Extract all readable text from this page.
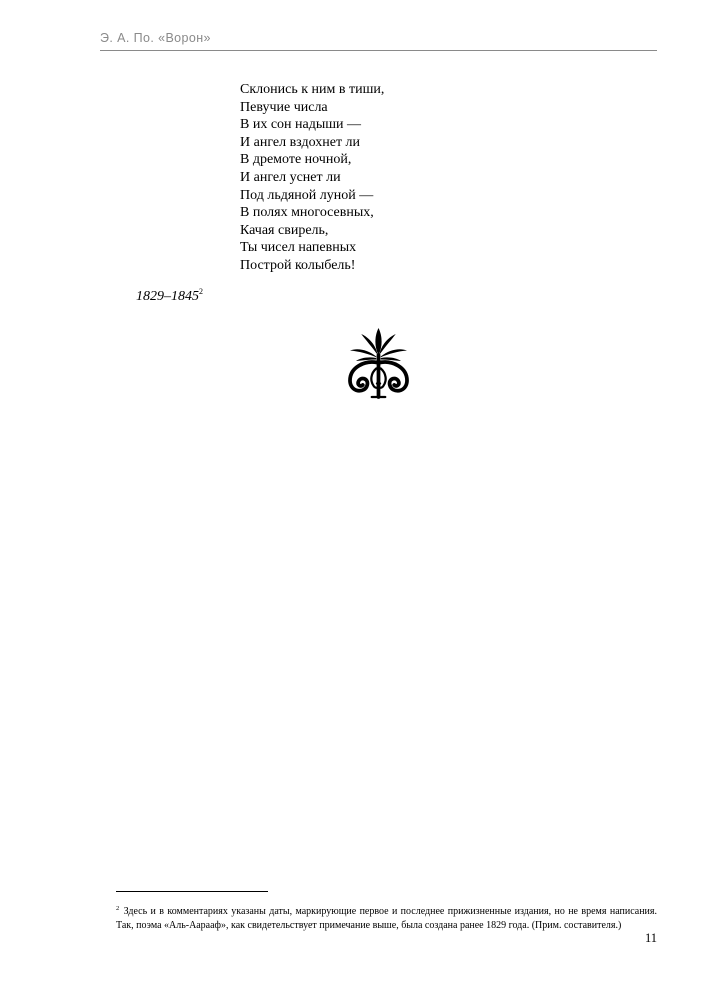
Э. А. По. «Ворон»
Склонись к ним в тиши,
Певучие числа
В их сон надыши —
И ангел вздохнет ли
В дремоте ночной,
И ангел уснет ли
Под льдяной луной —
В полях многосевных,
Качая свирель,
Ты чисел напевных
Построй колыбель!
1829–1845$^2$
$^2$ Здесь и в комментариях указаны даты, маркирующие первое и последнее прижизненные издания, но не время написания. Так, поэма «Аль-Аарааф», как свидетельствует примечание выше, была создана ранее 1829 года. (Прим. составителя.)
11
